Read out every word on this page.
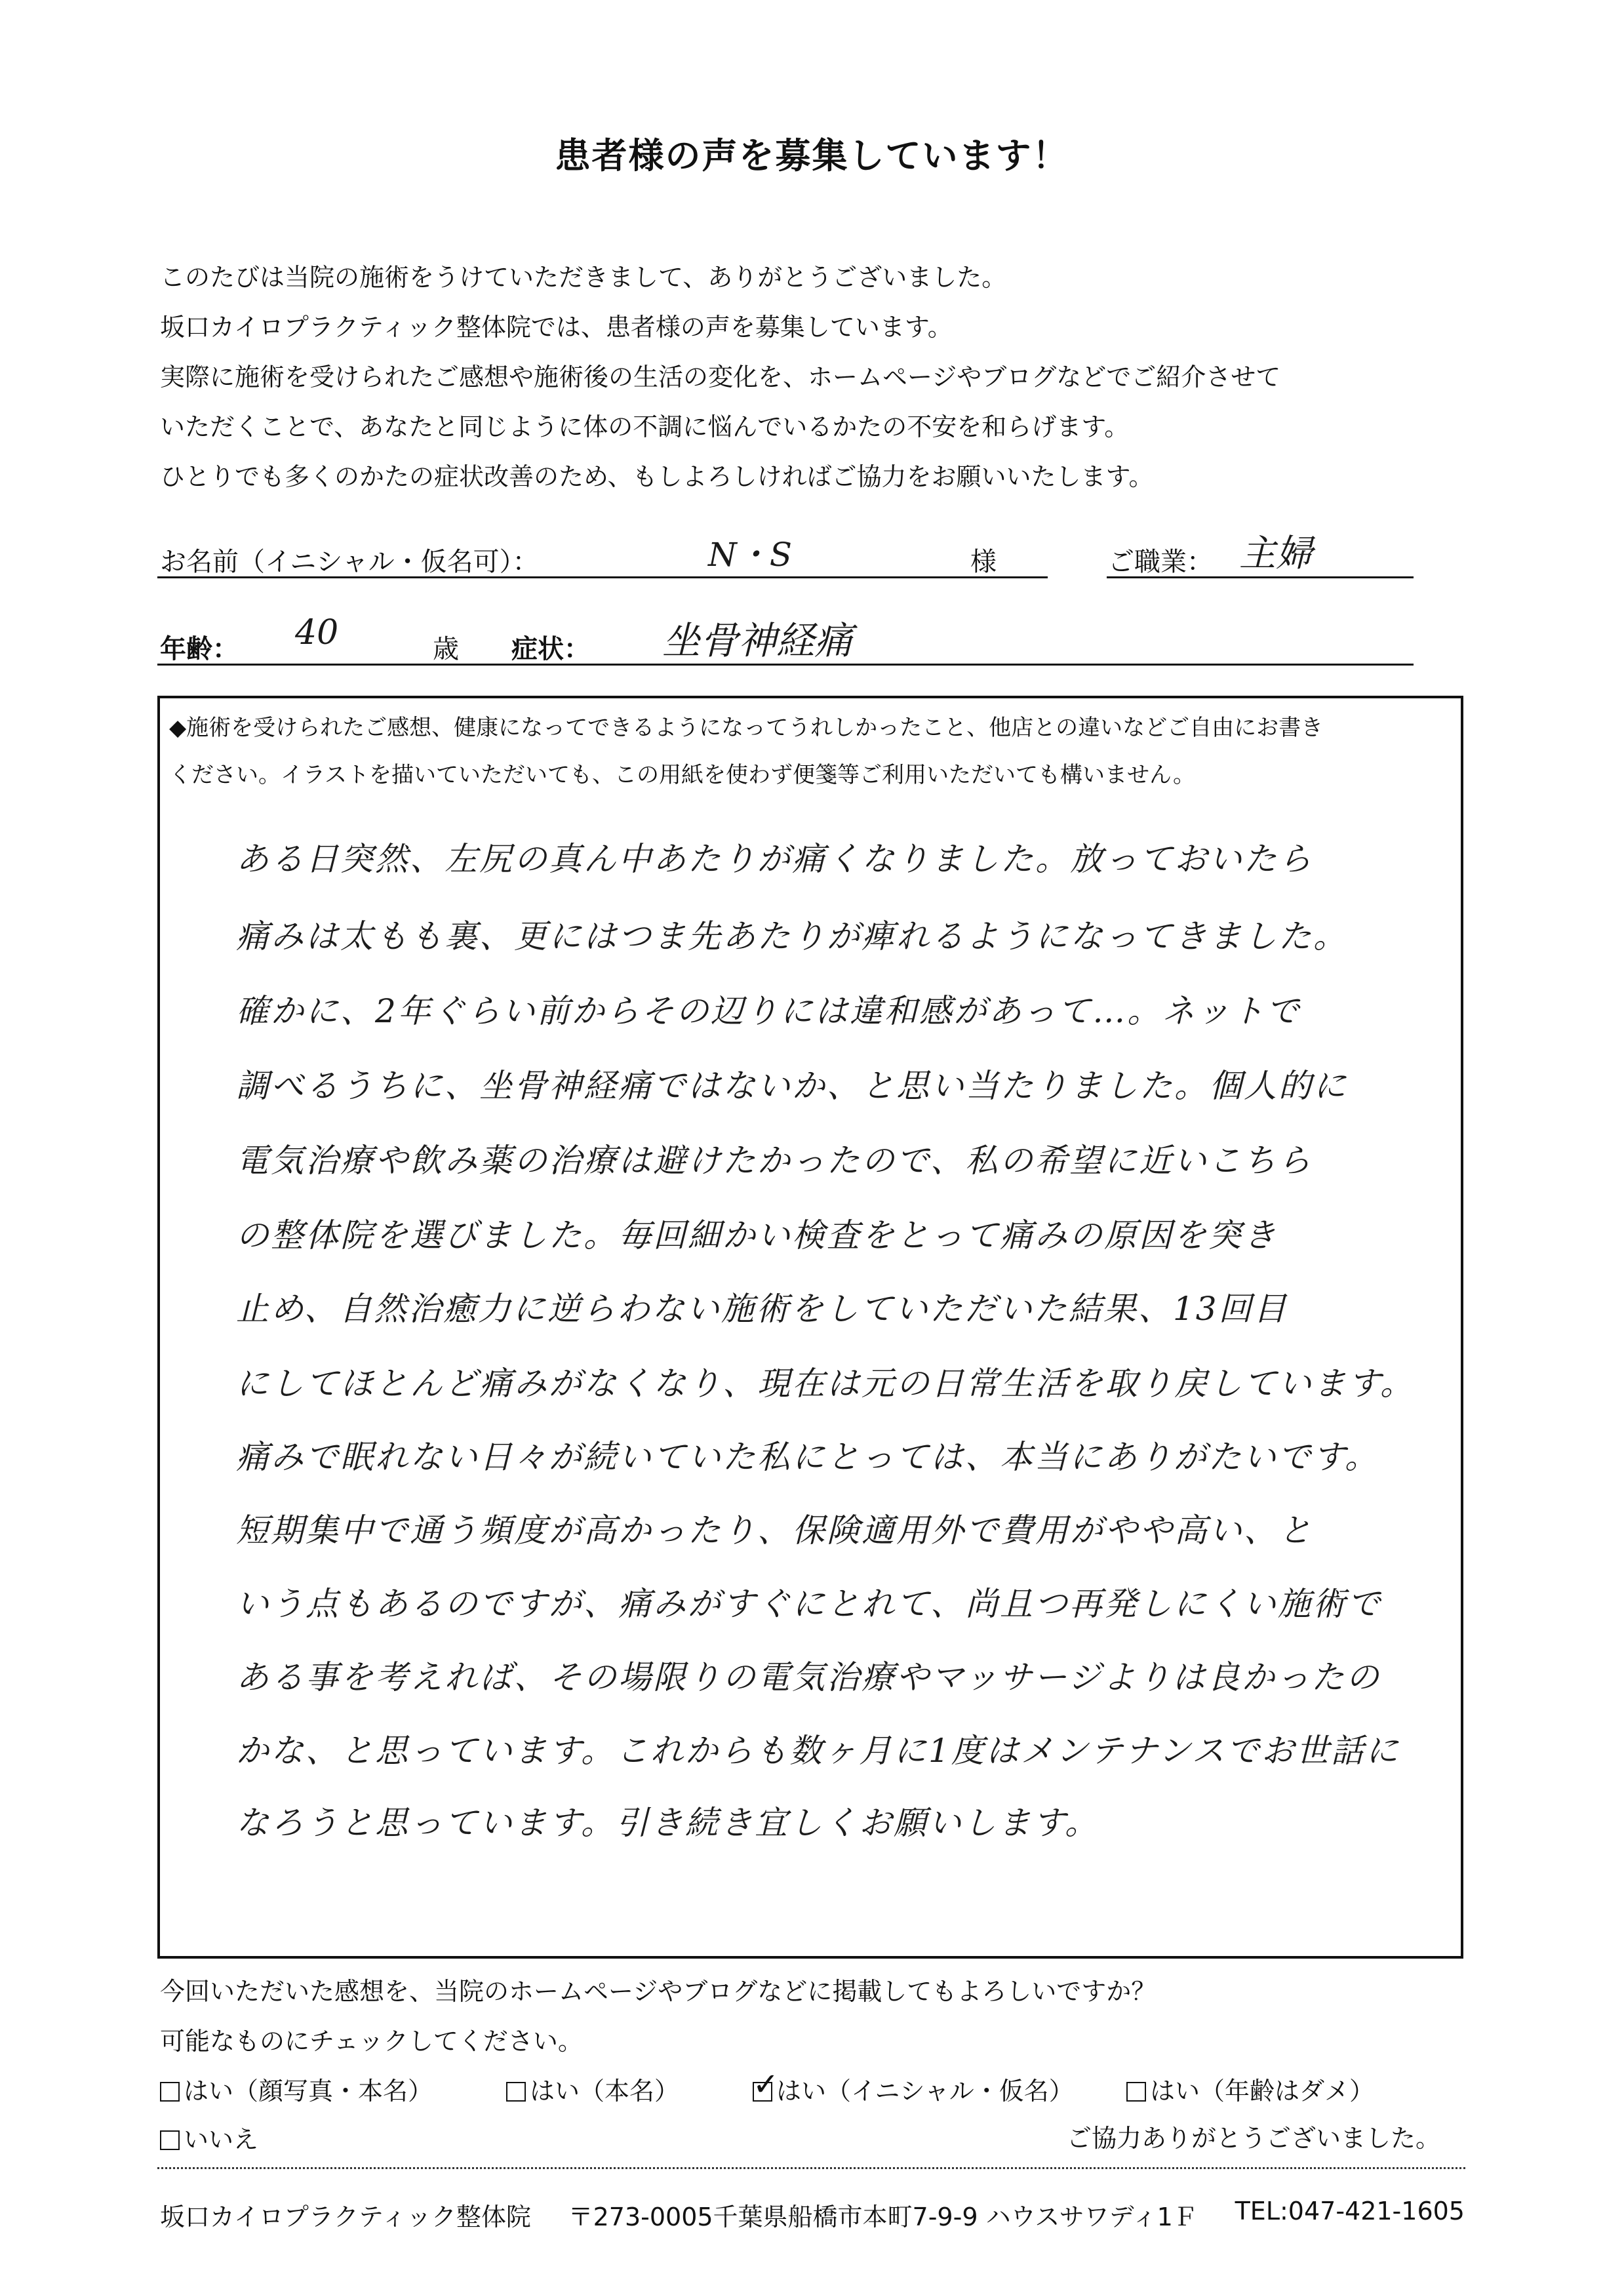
患者様の声を募集しています！
このたびは当院の施術をうけていただきまして、ありがとうございました。
坂口カイロプラクティック整体院では、患者様の声を募集しています。
実際に施術を受けられたご感想や施術後の生活の変化を、ホームページやブログなどでご紹介させて
いただくことで、あなたと同じように体の不調に悩んでいるかたの不安を和らげます。
ひとりでも多くのかたの症状改善のため、もしよろしければご協力をお願いいたします。
お名前（イニシャル・仮名可）：	N・S	様	ご職業： 主婦
年齢： 40	歳 症状： 坐骨神経痛
◆施術を受けられたご感想、健康になってできるようになってうれしかったこと、他店との違いなどご自由にお書き
ください。イラストを描いていただいても、この用紙を使わず便箋等ご利用いただいても構いません。
ある日突然、左尻の真ん中あたりが痛くなりました。放っておいたら
痛みは太もも裏、更にはつま先あたりが痺れるようになってきました。
確かに、2年ぐらい前からその辺りには違和感があって…。ネットで
調べるうちに、坐骨神経痛ではないか、と思い当たりました。個人的に
電気治療や飲み薬の治療は避けたかったので、私の希望に近いこちら
の整体院を選びました。毎回細かい検査をとって痛みの原因を突き
止め、自然治癒力に逆らわない施術をしていただいた結果、13回目
にしてほとんど痛みがなくなり、現在は元の日常生活を取り戻しています。
痛みで眠れない日々が続いていた私にとっては、本当にありがたいです。
短期集中で通う頻度が高かったり、保険適用外で費用がやや高い、と
いう点もあるのですが、痛みがすぐにとれて、尚且つ再発しにくい施術で
ある事を考えれば、その場限りの電気治療やマッサージよりは良かったの
かな、と思っています。これからも数ヶ月に1度はメンテナンスでお世話に
なろうと思っています。引き続き宜しくお願いします。
今回いただいた感想を、当院のホームページやブログなどに掲載してもよろしいですか？
可能なものにチェックしてください。
はい（顔写真・本名）	はい（本名） ✓
はい（イニシャル・仮名）	はい（年齢はダメ）
いいえ	ご協力ありがとうございました。
坂口カイロプラクティック整体院 〒273-0005千葉県船橋市本町7-9-9 ハウスサワディ1Ｆ TEL:047-421-1605
